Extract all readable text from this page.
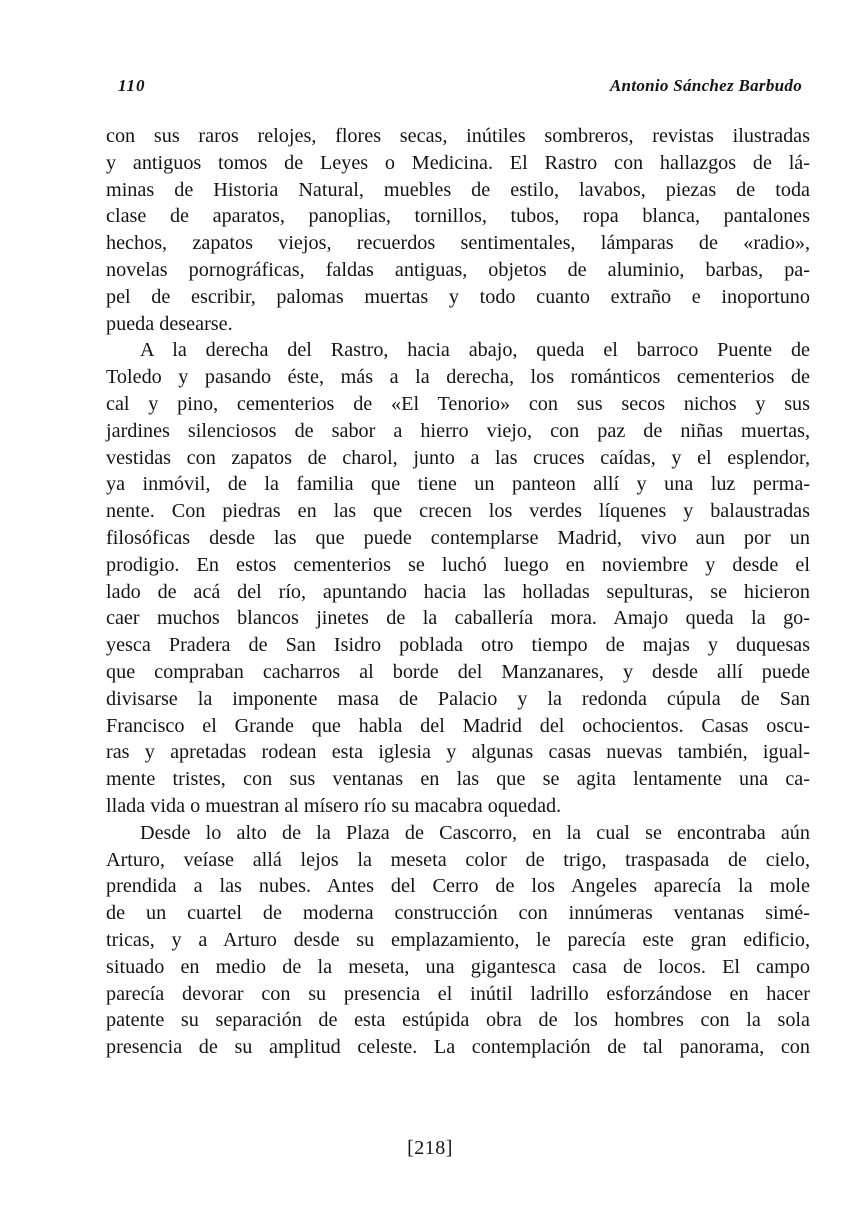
110	Antonio Sánchez Barbudo
con sus raros relojes, flores secas, inútiles sombreros, revistas ilustradas
y antiguos tomos de Leyes o Medicina. El Rastro con hallazgos de lá-
minas de Historia Natural, muebles de estilo, lavabos, piezas de toda
clase de aparatos, panoplias, tornillos, tubos, ropa blanca, pantalones
hechos, zapatos viejos, recuerdos sentimentales, lámparas de «radio»,
novelas pornográficas, faldas antiguas, objetos de aluminio, barbas, pa-
pel de escribir, palomas muertas y todo cuanto extraño e inoportuno
pueda desearse.
A la derecha del Rastro, hacia abajo, queda el barroco Puente de
Toledo y pasando éste, más a la derecha, los románticos cementerios de
cal y pino, cementerios de «El Tenorio» con sus secos nichos y sus
jardines silenciosos de sabor a hierro viejo, con paz de niñas muertas,
vestidas con zapatos de charol, junto a las cruces caídas, y el esplendor,
ya inmóvil, de la familia que tiene un panteon allí y una luz perma-
nente. Con piedras en las que crecen los verdes líquenes y balaustradas
filosóficas desde las que puede contemplarse Madrid, vivo aun por un
prodigio. En estos cementerios se luchó luego en noviembre y desde el
lado de acá del río, apuntando hacia las holladas sepulturas, se hicieron
caer muchos blancos jinetes de la caballería mora. Amajo queda la go-
yesca Pradera de San Isidro poblada otro tiempo de majas y duquesas
que compraban cacharros al borde del Manzanares, y desde allí puede
divisarse la imponente masa de Palacio y la redonda cúpula de San
Francisco el Grande que habla del Madrid del ochocientos. Casas oscu-
ras y apretadas rodean esta iglesia y algunas casas nuevas también, igual-
mente tristes, con sus ventanas en las que se agita lentamente una ca-
llada vida o muestran al mísero río su macabra oquedad.
Desde lo alto de la Plaza de Cascorro, en la cual se encontraba aún
Arturo, veíase allá lejos la meseta color de trigo, traspasada de cielo,
prendida a las nubes. Antes del Cerro de los Angeles aparecía la mole
de un cuartel de moderna construcción con innúmeras ventanas simé-
tricas, y a Arturo desde su emplazamiento, le parecía este gran edificio,
situado en medio de la meseta, una gigantesca casa de locos. El campo
parecía devorar con su presencia el inútil ladrillo esforzándose en hacer
patente su separación de esta estúpida obra de los hombres con la sola
presencia de su amplitud celeste. La contemplación de tal panorama, con
[218]
